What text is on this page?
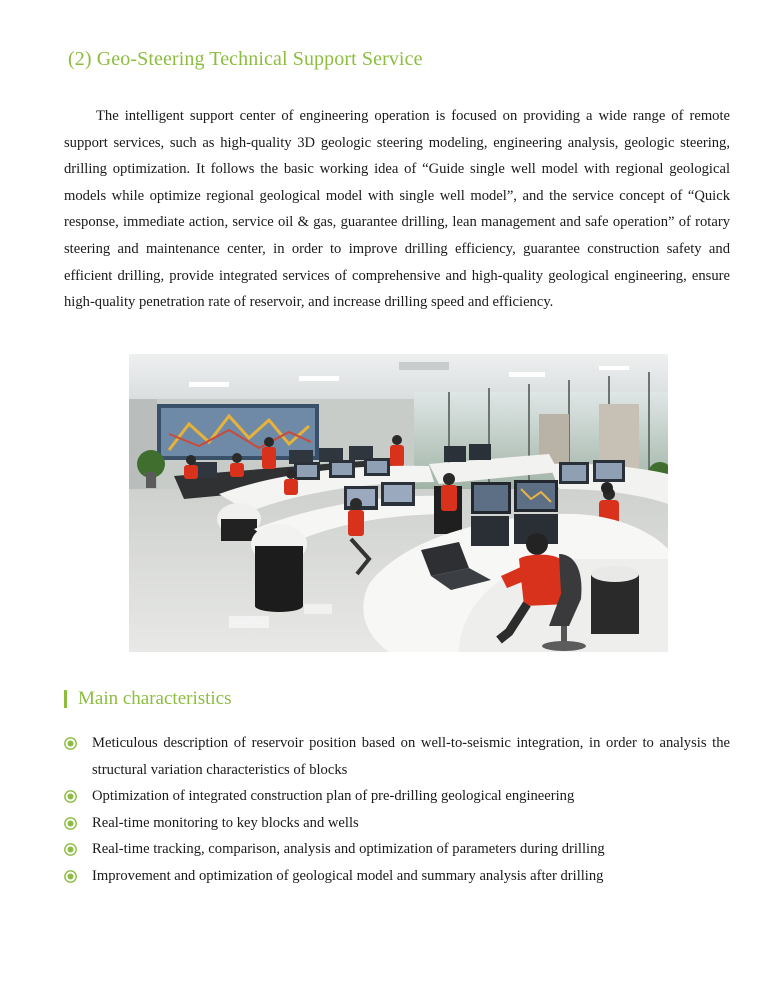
(2) Geo-Steering Technical Support Service

The intelligent support center of engineering operation is focused on providing a wide range of remote support services, such as high-quality 3D geologic steering modeling, engineering analysis, geologic steering, drilling optimization. It follows the basic working idea of “Guide single well model with regional geological models while optimize regional geological model with single well model”, and the service concept of “Quick response, immediate action, service oil & gas, guarantee drilling, lean management and safe operation” of rotary steering and maintenance center, in order to improve drilling efficiency, guarantee construction safety and efficient drilling, provide integrated services of comprehensive and high-quality geological engineering, ensure high-quality penetration rate of reservoir, and increase drilling speed and efficiency.

Main characteristics
Meticulous description of reservoir position based on well-to-seismic integration, in order to analysis the structural variation characteristics of blocks
Optimization of integrated construction plan of pre-drilling geological engineering
Real-time monitoring to key blocks and wells
Real-time tracking, comparison, analysis and optimization of parameters during drilling
Improvement and optimization of geological model and summary analysis after drilling
